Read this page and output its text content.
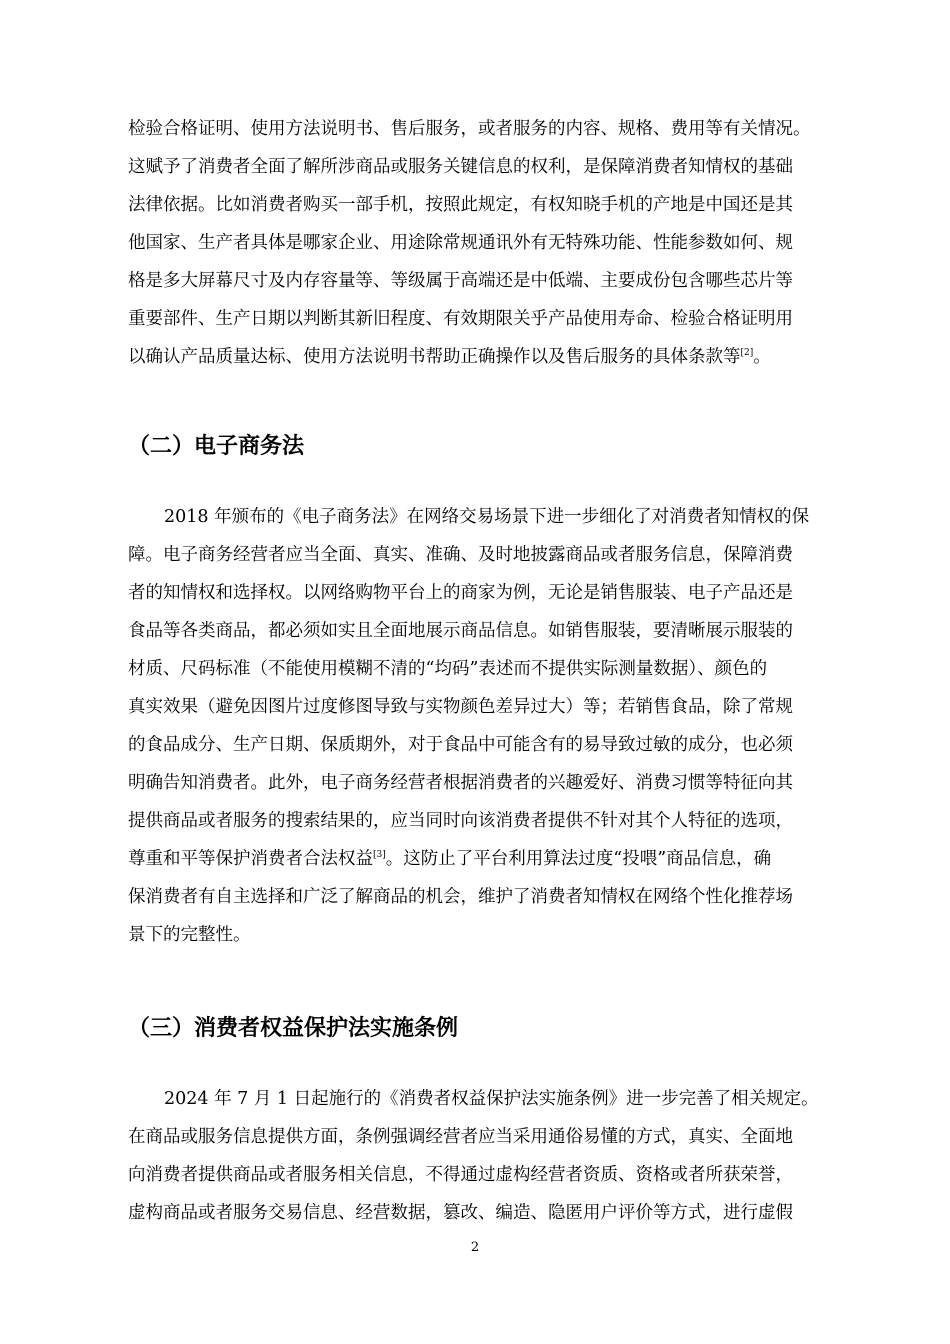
检验合格证明、使用方法说明书、售后服务，或者服务的内容、规格、费用等有关情况。
这赋予了消费者全面了解所涉商品或服务关键信息的权利，是保障消费者知情权的基础
法律依据。比如消费者购买一部手机，按照此规定，有权知晓手机的产地是中国还是其
他国家、生产者具体是哪家企业、用途除常规通讯外有无特殊功能、性能参数如何、规
格是多大屏幕尺寸及内存容量等、等级属于高端还是中低端、主要成份包含哪些芯片等
重要部件、生产日期以判断其新旧程度、有效期限关乎产品使用寿命、检验合格证明用
以确认产品质量达标、使用方法说明书帮助正确操作以及售后服务的具体条款等[2]。
（二）电子商务法
2018 年颁布的《电子商务法》在网络交易场景下进一步细化了对消费者知情权的保
障。电子商务经营者应当全面、真实、准确、及时地披露商品或者服务信息，保障消费
者的知情权和选择权。以网络购物平台上的商家为例，无论是销售服装、电子产品还是
食品等各类商品，都必须如实且全面地展示商品信息。如销售服装，要清晰展示服装的
材质、尺码标准（不能使用模糊不清的“均码”表述而不提供实际测量数据）、颜色的
真实效果（避免因图片过度修图导致与实物颜色差异过大）等；若销售食品，除了常规
的食品成分、生产日期、保质期外，对于食品中可能含有的易导致过敏的成分，也必须
明确告知消费者。此外，电子商务经营者根据消费者的兴趣爱好、消费习惯等特征向其
提供商品或者服务的搜索结果的，应当同时向该消费者提供不针对其个人特征的选项，
尊重和平等保护消费者合法权益[3]。这防止了平台利用算法过度“投喂”商品信息，确
保消费者有自主选择和广泛了解商品的机会，维护了消费者知情权在网络个性化推荐场
景下的完整性。
（三）消费者权益保护法实施条例
2024 年 7 月 1 日起施行的《消费者权益保护法实施条例》进一步完善了相关规定。
在商品或服务信息提供方面，条例强调经营者应当采用通俗易懂的方式，真实、全面地
向消费者提供商品或者服务相关信息，不得通过虚构经营者资质、资格或者所获荣誉，
虚构商品或者服务交易信息、经营数据，篡改、编造、隐匿用户评价等方式，进行虚假
2
